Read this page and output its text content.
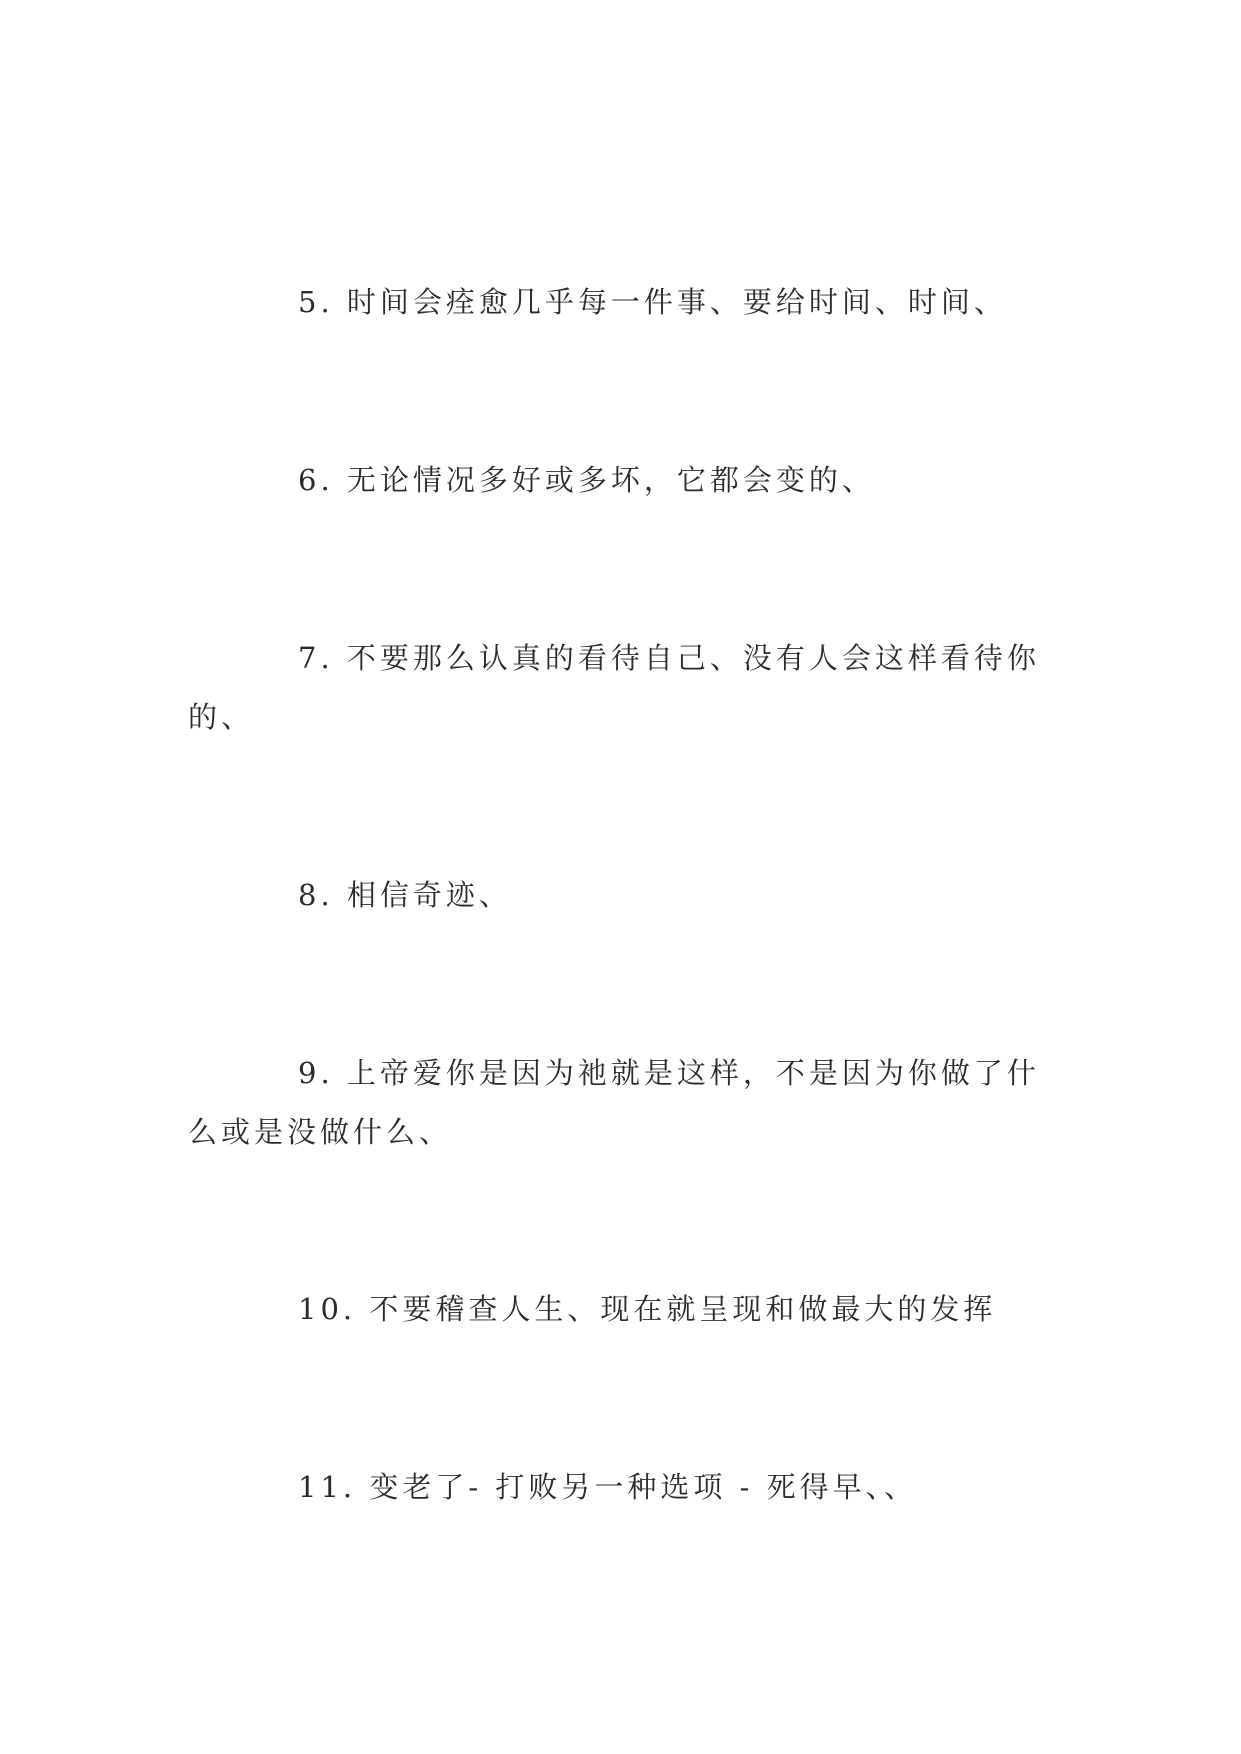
5. 时间会痊愈几乎每一件事、要给时间、时间、

6. 无论情况多好或多坏，它都会变的、

7. 不要那么认真的看待自己、没有人会这样看待你的、

8. 相信奇迹、

9. 上帝爱你是因为祂就是这样，不是因为你做了什么或是没做什么、

10. 不要稽查人生、现在就呈现和做最大的发挥

11. 变老了- 打败另一种选项 - 死得早、、
